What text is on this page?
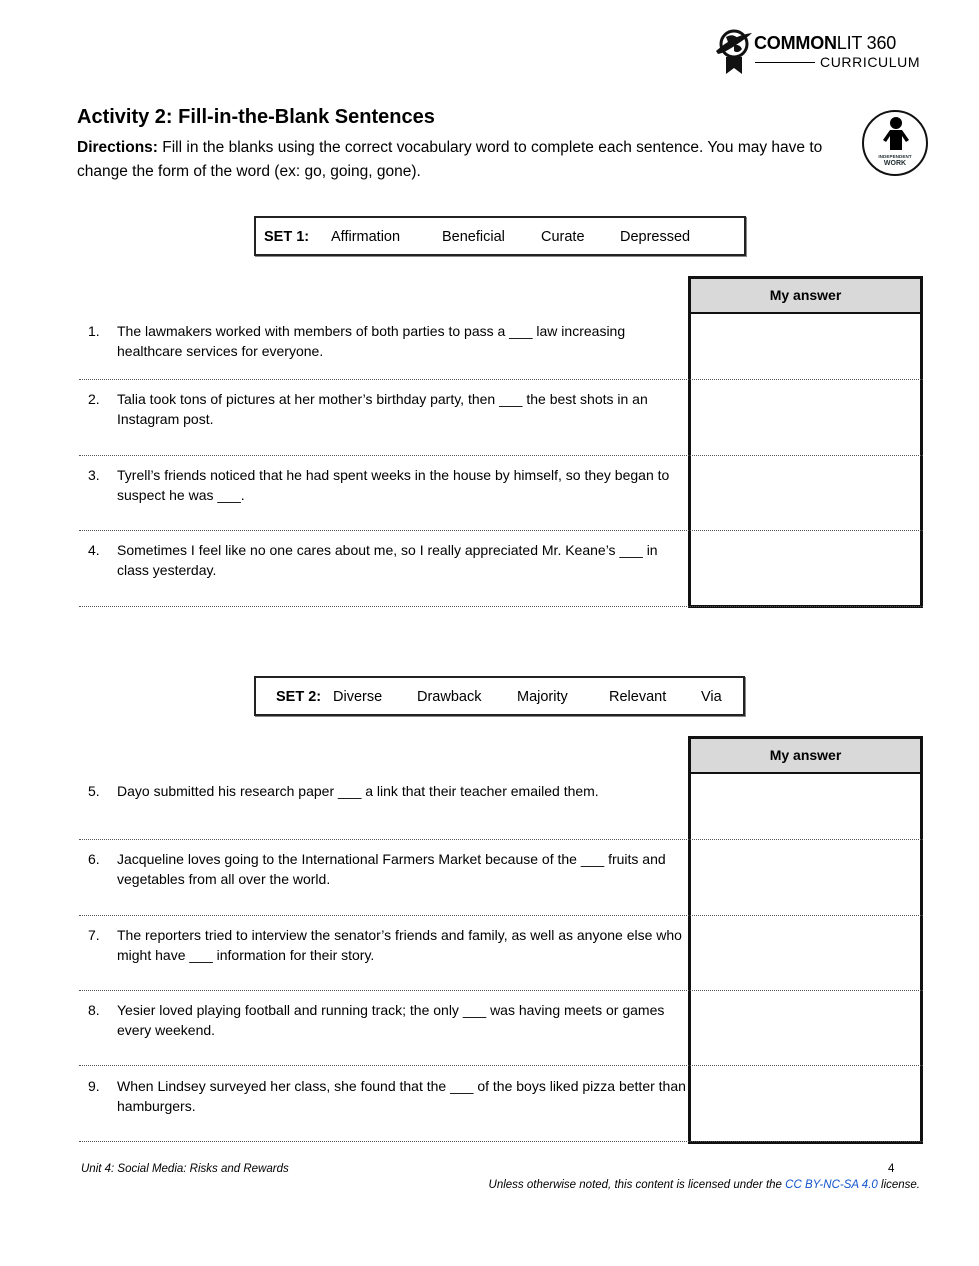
COMMONLIT 360
CURRICULUM
Activity 2: Fill-in-the-Blank Sentences
Directions: Fill in the blanks using the correct vocabulary word to complete each sentence. You may have to change the form of the word (ex: go, going, gone).
INDEPENDENT
WORK
SET 1: Affirmation	Beneficial Curate Depressed
My answer
1. The lawmakers worked with members of both parties to pass a ___ law increasing healthcare services for everyone.
2. Talia took tons of pictures at her mother’s birthday party, then ___ the best shots in an Instagram post.
3. Tyrell’s friends noticed that he had spent weeks in the house by himself, so they began to suspect he was ___.
4. Sometimes I feel like no one cares about me, so I really appreciated Mr. Keane’s ___ in class yesterday.
SET 2: Diverse Drawback Majority	Relevant Via
My answer
5. Dayo submitted his research paper ___ a link that their teacher emailed them.
6. Jacqueline loves going to the International Farmers Market because of the ___ fruits and vegetables from all over the world.
7. The reporters tried to interview the senator’s friends and family, as well as anyone else who might have ___ information for their story.
8. Yesier loved playing football and running track; the only ___ was having meets or games every weekend.
9. When Lindsey surveyed her class, she found that the ___ of the boys liked pizza better than hamburgers.
Unit 4: Social Media: Risks and Rewards	4
Unless otherwise noted, this content is licensed under the CC BY-NC-SA 4.0 license.
